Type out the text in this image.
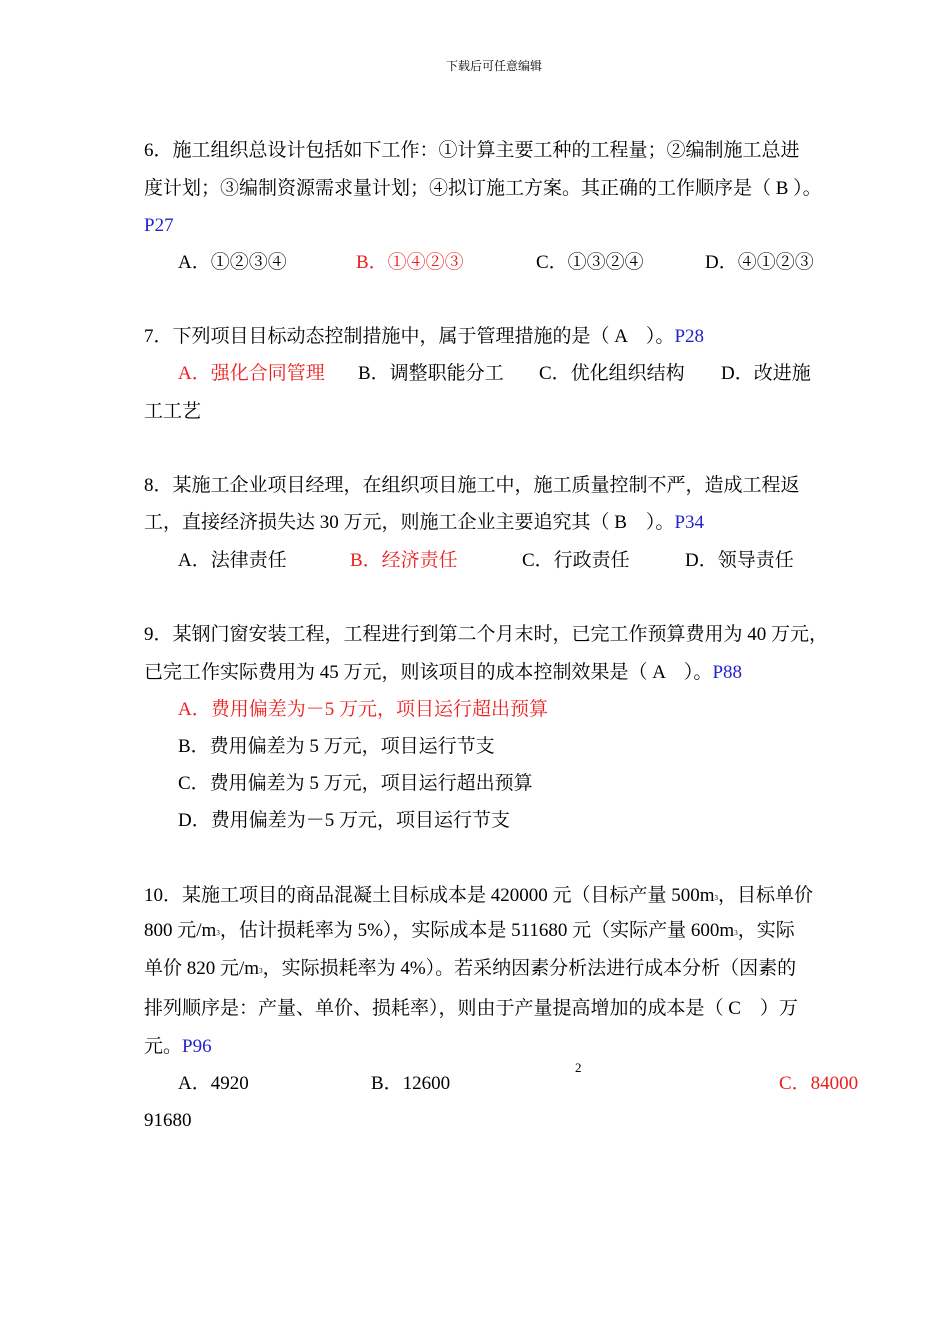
下载后可任意编辑
6．施工组织总设计包括如下工作：①计算主要工种的工程量；②编制施工总进
度计划；③编制资源需求量计划；④拟订施工方案。其正确的工作顺序是（ B ）。
P27
A．①②③④	B．①④②③	C．①③②④	D．④①②③
7．下列项目目标动态控制措施中，属于管理措施的是（ A　）。P28
A．强化合同管理 B．调整职能分工 C．优化组织结构 D．改进施
工工艺
8．某施工企业项目经理，在组织项目施工中，施工质量控制不严，造成工程返
工，直接经济损失达 30 万元，则施工企业主要追究其（ B　）。P34
A．法律责任	B．经济责任	C．行政责任	D．领导责任
9．某钢门窗安装工程，工程进行到第二个月末时，已完工作预算费用为 40 万元，
已完工作实际费用为 45 万元，则该项目的成本控制效果是（ A　）。P88
A．费用偏差为－5 万元，项目运行超出预算
B．费用偏差为 5 万元，项目运行节支
C．费用偏差为 5 万元，项目运行超出预算
D．费用偏差为－5 万元，项目运行节支
10．某施工项目的商品混凝土目标成本是 420000 元（目标产量 500m3，目标单价
800 元/m3，估计损耗率为 5%），实际成本是 511680 元（实际产量 600m3，实际
单价 820 元/m3，实际损耗率为 4%）。若采纳因素分析法进行成本分析（因素的
排列顺序是：产量、单价、损耗率），则由于产量提高增加的成本是（ C　）万
元。P96
A．4920	B．12600
2
C．84000
91680
